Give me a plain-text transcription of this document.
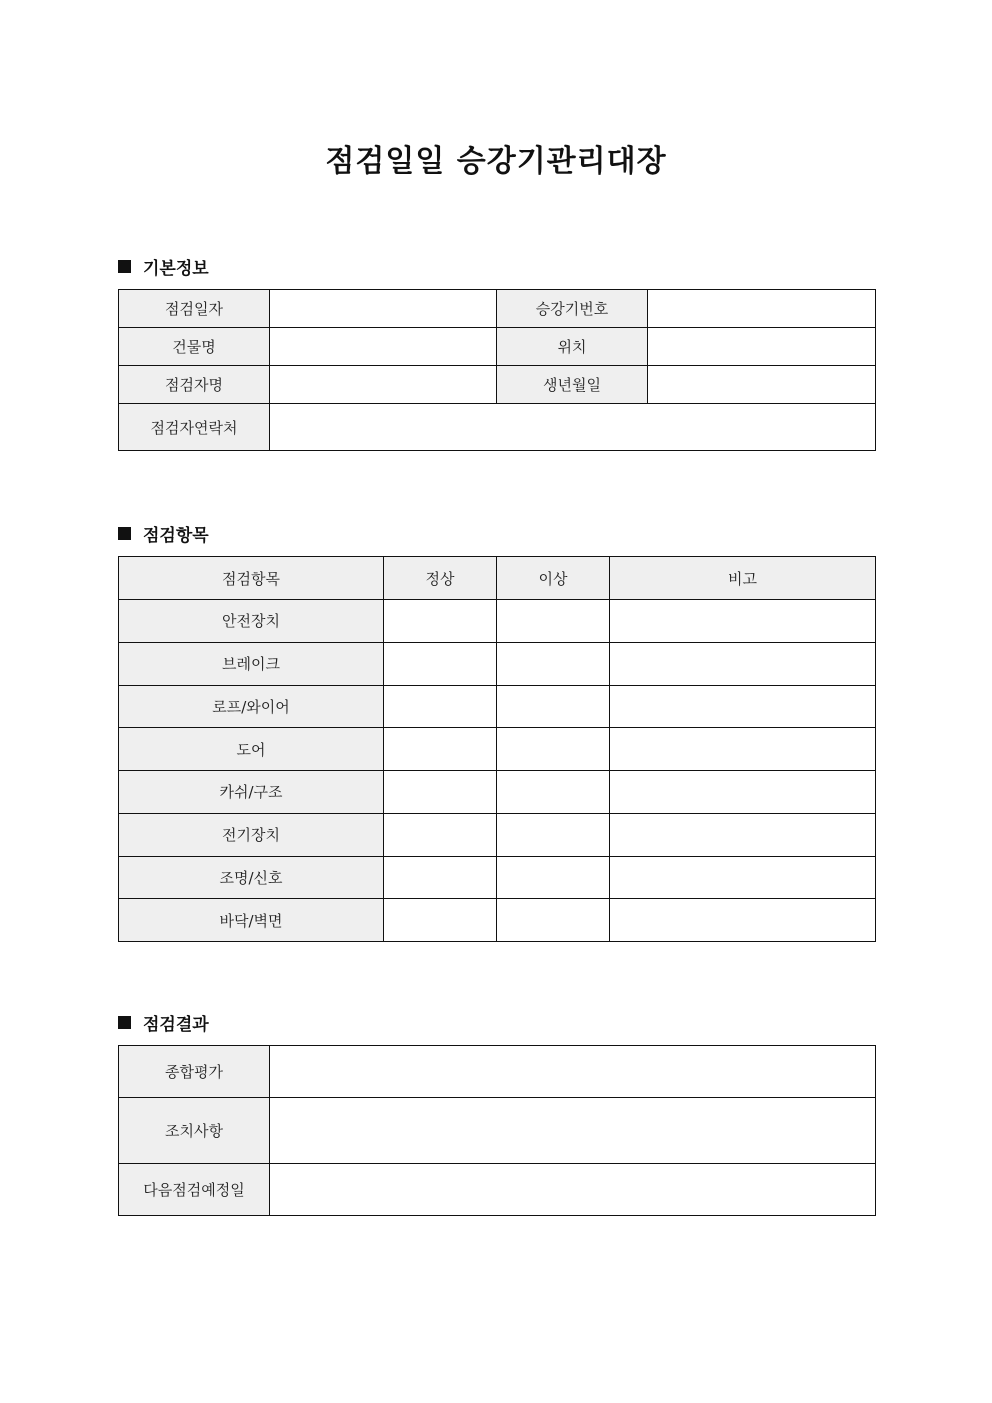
점검일일 승강기관리대장
기본정보
점검일자		승강기번호	
건물명		위치	
점검자명		생년월일	
점검자연락처			
점검항목
점검항목	정상	이상	비고
안전장치			
브레이크			
로프/와이어			
도어			
카쉬/구조			
전기장치			
조명/신호			
바닥/벽면			
점검결과
종합평가	
조치사항	
다음점검예정일	
